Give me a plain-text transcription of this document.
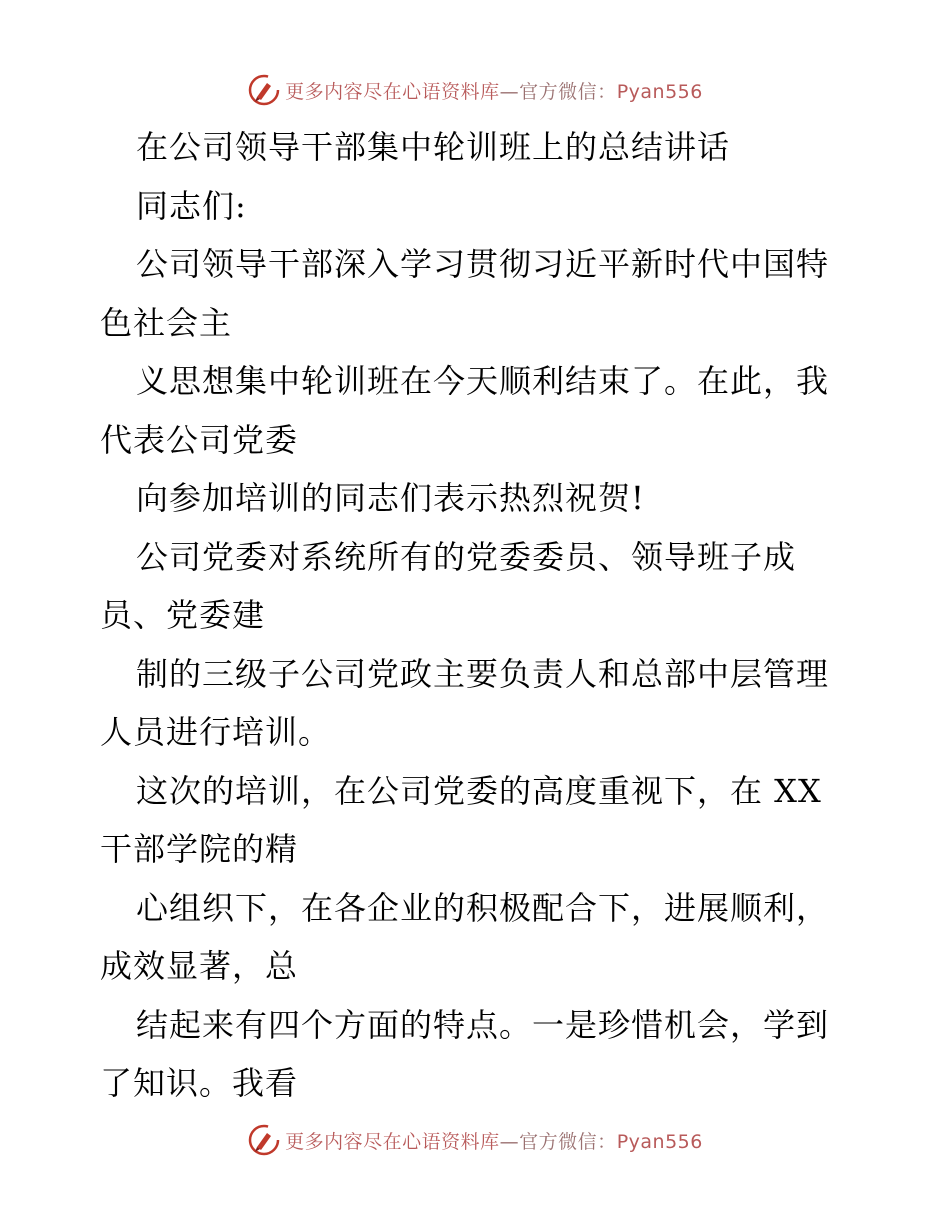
更多内容尽在心语资料库—官方微信：Pyan556
在公司领导干部集中轮训班上的总结讲话
同志们:
公司领导干部深入学习贯彻习近平新时代中国特
色社会主
义思想集中轮训班在今天顺利结束了。在此，我
代表公司党委
向参加培训的同志们表示热烈祝贺!
公司党委对系统所有的党委委员、领导班子成
员、党委建
制的三级子公司党政主要负责人和总部中层管理
人员进行培训。
这次的培训，在公司党委的高度重视下，在 XX
干部学院的精
心组织下，在各企业的积极配合下，进展顺利，
成效显著，总
结起来有四个方面的特点。一是珍惜机会，学到
了知识。我看
更多内容尽在心语资料库—官方微信：Pyan556
